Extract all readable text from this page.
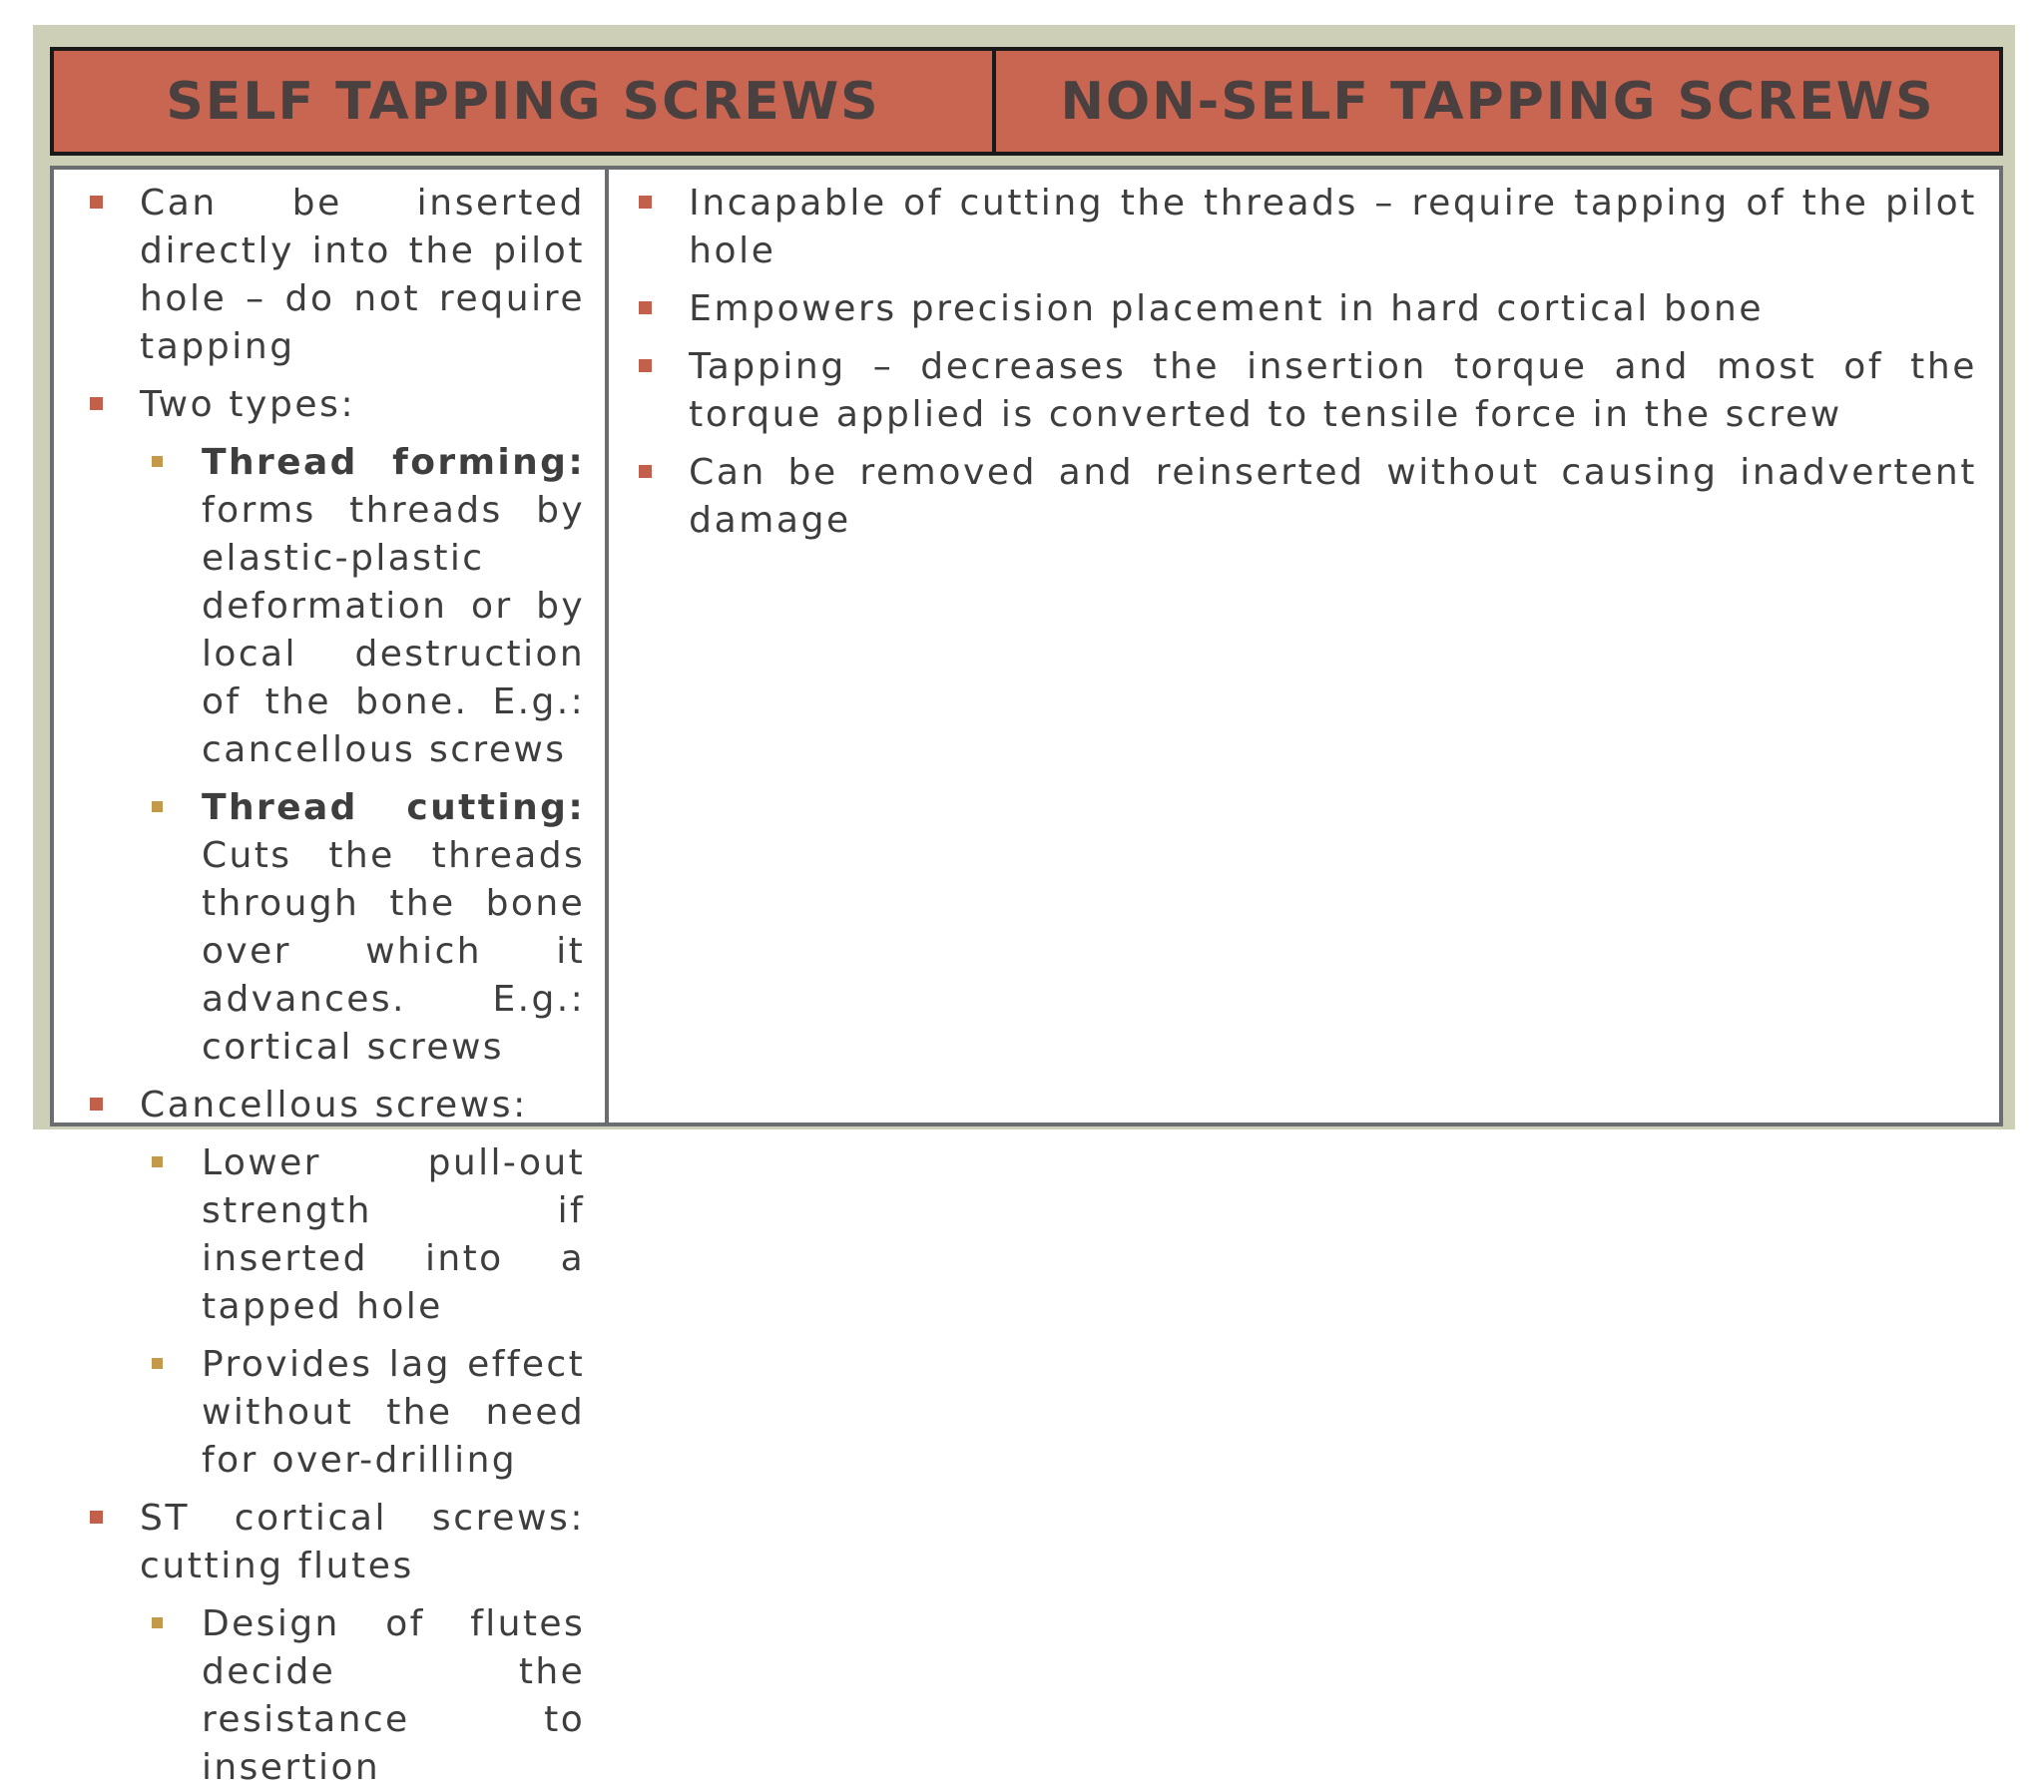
SELF TAPPING SCREWS	NON-SELF TAPPING SCREWS
Can be inserted directly into the pilot hole – do not require tapping
Two types:
Thread forming: forms threads by elastic-plastic deformation or by local destruction of the bone. E.g.: cancellous screws
Thread cutting: Cuts the threads through the bone over which it advances. E.g.: cortical screws
Cancellous screws:
Lower pull-out strength if inserted into a tapped hole
Provides lag effect without the need for over-drilling
ST cortical screws: cutting flutes
Design of flutes decide the resistance to insertion
Incapable of cutting the threads – require tapping of the pilot hole
Empowers precision placement in hard cortical bone
Tapping – decreases the insertion torque and most of the torque applied is converted to tensile force in the screw
Can be removed and reinserted without causing inadvertent damage
